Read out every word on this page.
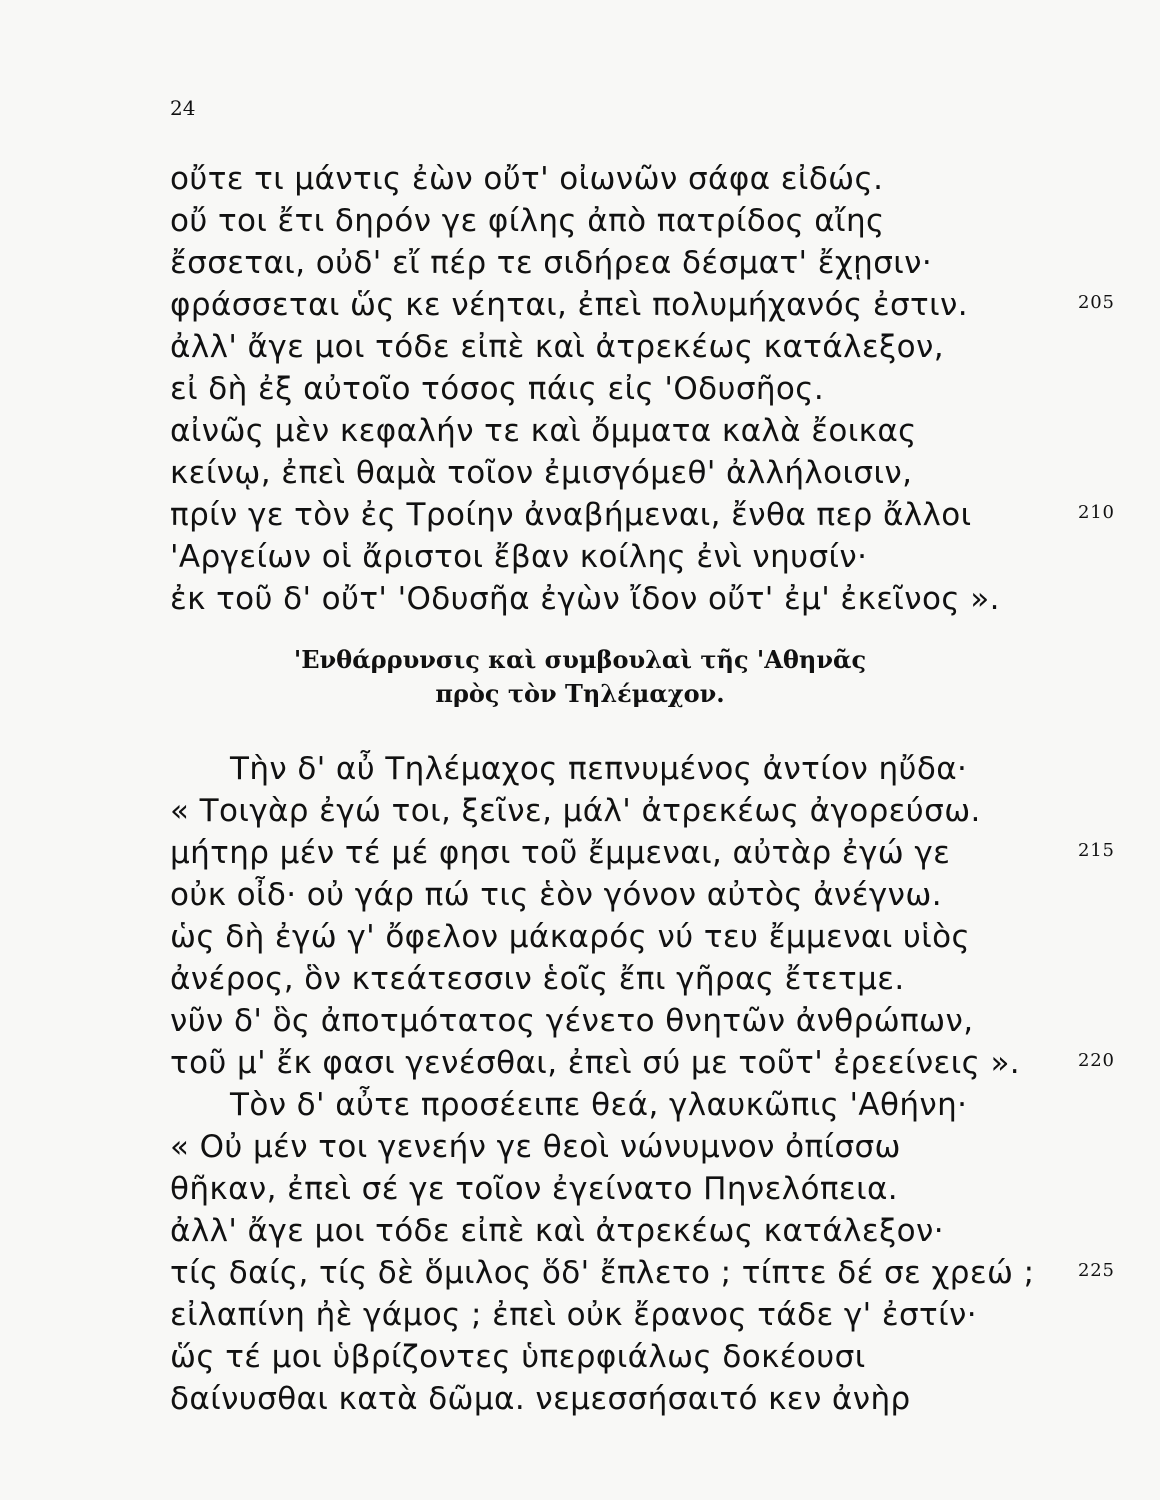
24
οὔτε τι μάντις ἐὼν οὔτ' οἰωνῶν σάφα εἰδώς.
οὔ τοι ἔτι δηρόν γε φίλης ἀπὸ πατρίδος αἴης
ἔσσεται, οὐδ' εἴ πέρ τε σιδήρεα δέσματ' ἔχῃσιν·
φράσσεται ὥς κε νέηται, ἐπεὶ πολυμήχανός ἐστιν.
ἀλλ' ἄγε μοι τόδε εἰπὲ καὶ ἀτρεκέως κατάλεξον,
εἰ δὴ ἐξ αὐτοῖο τόσος πάις εἰς 'Οδυσῆος.
αἰνῶς μὲν κεφαλήν τε καὶ ὄμματα καλὰ ἔοικας
κείνῳ, ἐπεὶ θαμὰ τοῖον ἐμισγόμεθ' ἀλλήλοισιν,
πρίν γε τὸν ἐς Τροίην ἀναβήμεναι, ἔνθα περ ἄλλοι
'Αργείων οἱ ἄριστοι ἔβαν κοίλης ἐνὶ νηυσίν·
ἐκ τοῦ δ' οὔτ' 'Οδυσῆα ἐγὼν ἴδον οὔτ' ἐμ' ἐκεῖνος ».
'Ενθάρρυνσις καὶ συμβουλαὶ τῆς 'Αθηνᾶς
πρὸς τὸν Τηλέμαχον.
Τὴν δ' αὖ Τηλέμαχος πεπνυμένος ἀντίον ηὔδα·
« Τοιγὰρ ἐγώ τοι, ξεῖνε, μάλ' ἀτρεκέως ἀγορεύσω.
μήτηρ μέν τέ μέ φησι τοῦ ἔμμεναι, αὐτὰρ ἐγώ γε
οὐκ οἶδ· οὐ γάρ πώ τις ἑὸν γόνον αὐτὸς ἀνέγνω.
ὡς δὴ ἐγώ γ' ὄφελον μάκαρός νύ τευ ἔμμεναι υἱὸς
ἀνέρος, ὃν κτεάτεσσιν ἑοῖς ἔπι γῆρας ἔτετμε.
νῦν δ' ὃς ἀποτμότατος γένετο θνητῶν ἀνθρώπων,
τοῦ μ' ἔκ φασι γενέσθαι, ἐπεὶ σύ με τοῦτ' ἐρεείνεις ».
Τὸν δ' αὖτε προσέειπε θεά, γλαυκῶπις 'Αθήνη·
« Οὐ μέν τοι γενεήν γε θεοὶ νώνυμνον ὀπίσσω
θῆκαν, ἐπεὶ σέ γε τοῖον ἐγείνατο Πηνελόπεια.
ἀλλ' ἄγε μοι τόδε εἰπὲ καὶ ἀτρεκέως κατάλεξον·
τίς δαίς, τίς δὲ ὅμιλος ὅδ' ἔπλετο ; τίπτε δέ σε χρεώ ;
εἰλαπίνη ἠὲ γάμος ; ἐπεὶ οὐκ ἔρανος τάδε γ' ἐστίν·
ὥς τέ μοι ὑβρίζοντες ὑπερφιάλως δοκέουσι
δαίνυσθαι κατὰ δῶμα. νεμεσσήσαιτό κεν ἀνὴρ
205
210
215
220
225
